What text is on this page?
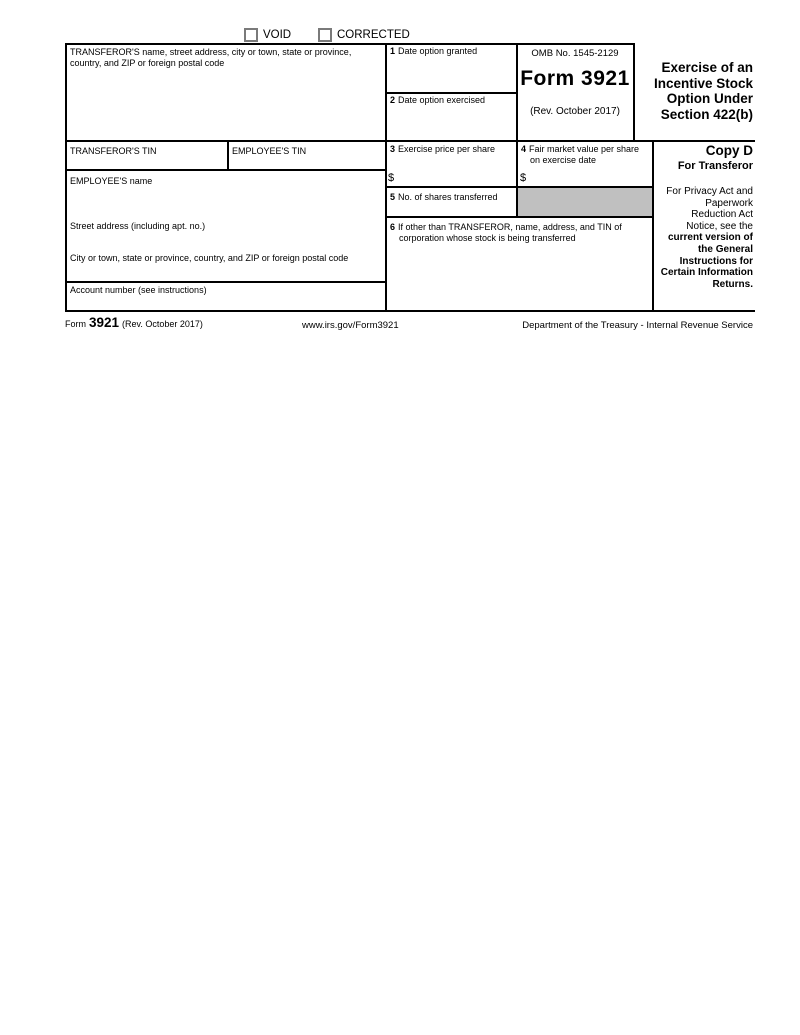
VOID	CORRECTED
TRANSFEROR'S name, street address, city or town, state or province, country, and ZIP or foreign postal code
1 Date option granted
2 Date option exercised
OMB No. 1545-2129
Form 3921
(Rev. October 2017)
Exercise of an
Incentive Stock
Option Under
Section 422(b)
TRANSFEROR'S TIN	EMPLOYEE'S TIN
EMPLOYEE'S name
Street address (including apt. no.)
City or town, state or province, country, and ZIP or foreign postal code
Account number (see instructions)
3 Exercise price per share
$
4 Fair market value per share
on exercise date
$
5 No. of shares transferred
6 If other than TRANSFEROR, name, address, and TIN of
corporation whose stock is being transferred
Copy D
For Transferor
For Privacy Act and
Paperwork
Reduction Act
Notice, see the
current version of
the General
Instructions for
Certain Information
Returns.
Form 3921 (Rev. October 2017)	www.irs.gov/Form3921	Department of the Treasury - Internal Revenue Service
